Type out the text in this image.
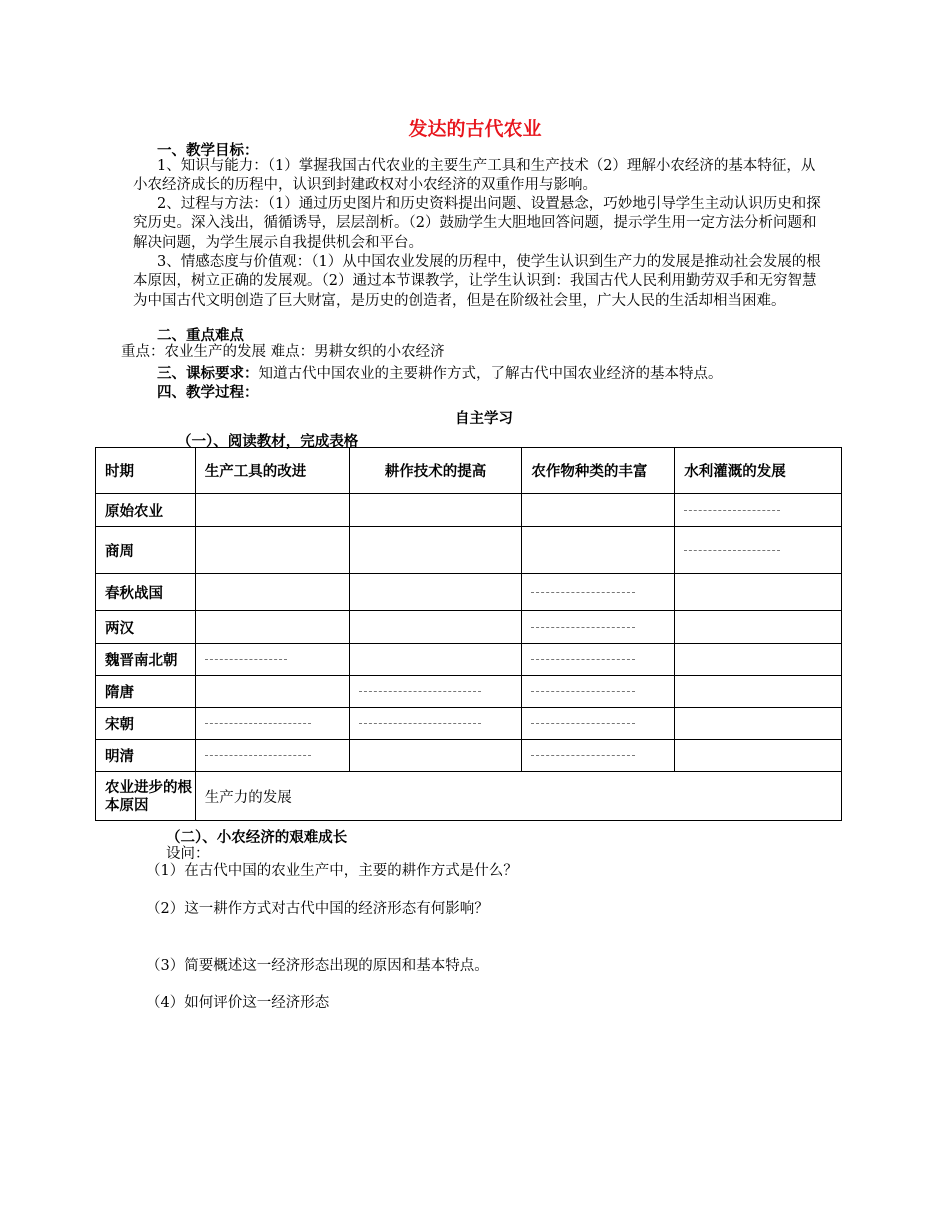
发达的古代农业
一、教学目标：
1、知识与能力：（1）掌握我国古代农业的主要生产工具和生产技术（2）理解小农经济的基本特征，从小农经济成长的历程中，认识到封建政权对小农经济的双重作用与影响。
2、过程与方法：（1）通过历史图片和历史资料提出问题、设置悬念，巧妙地引导学生主动认识历史和探究历史。深入浅出，循循诱导，层层剖析。（2）鼓励学生大胆地回答问题，提示学生用一定方法分析问题和解决问题，为学生展示自我提供机会和平台。
3、情感态度与价值观：（1）从中国农业发展的历程中，使学生认识到生产力的发展是推动社会发展的根本原因，树立正确的发展观。（2）通过本节课教学，让学生认识到：我国古代人民利用勤劳双手和无穷智慧为中国古代文明创造了巨大财富，是历史的创造者，但是在阶级社会里，广大人民的生活却相当困难。
二、重点难点
重点：农业生产的发展 难点：男耕女织的小农经济
三、课标要求：知道古代中国农业的主要耕作方式，了解古代中国农业经济的基本特点。
四、教学过程：
自主学习
（一）、阅读教材，完成表格
时期	生产工具的改进	耕作技术的提高	农作物种类的丰富	水利灌溉的发展
原始农业				
商周				
春秋战国				
两汉				
魏晋南北朝				
隋唐				
宋朝				
明清				
农业进步的根本原因	生产力的发展			
（二）、小农经济的艰难成长
设问：
（1）在古代中国的农业生产中，主要的耕作方式是什么？
（2）这一耕作方式对古代中国的经济形态有何影响？
（3）简要概述这一经济形态出现的原因和基本特点。
（4）如何评价这一经济形态
